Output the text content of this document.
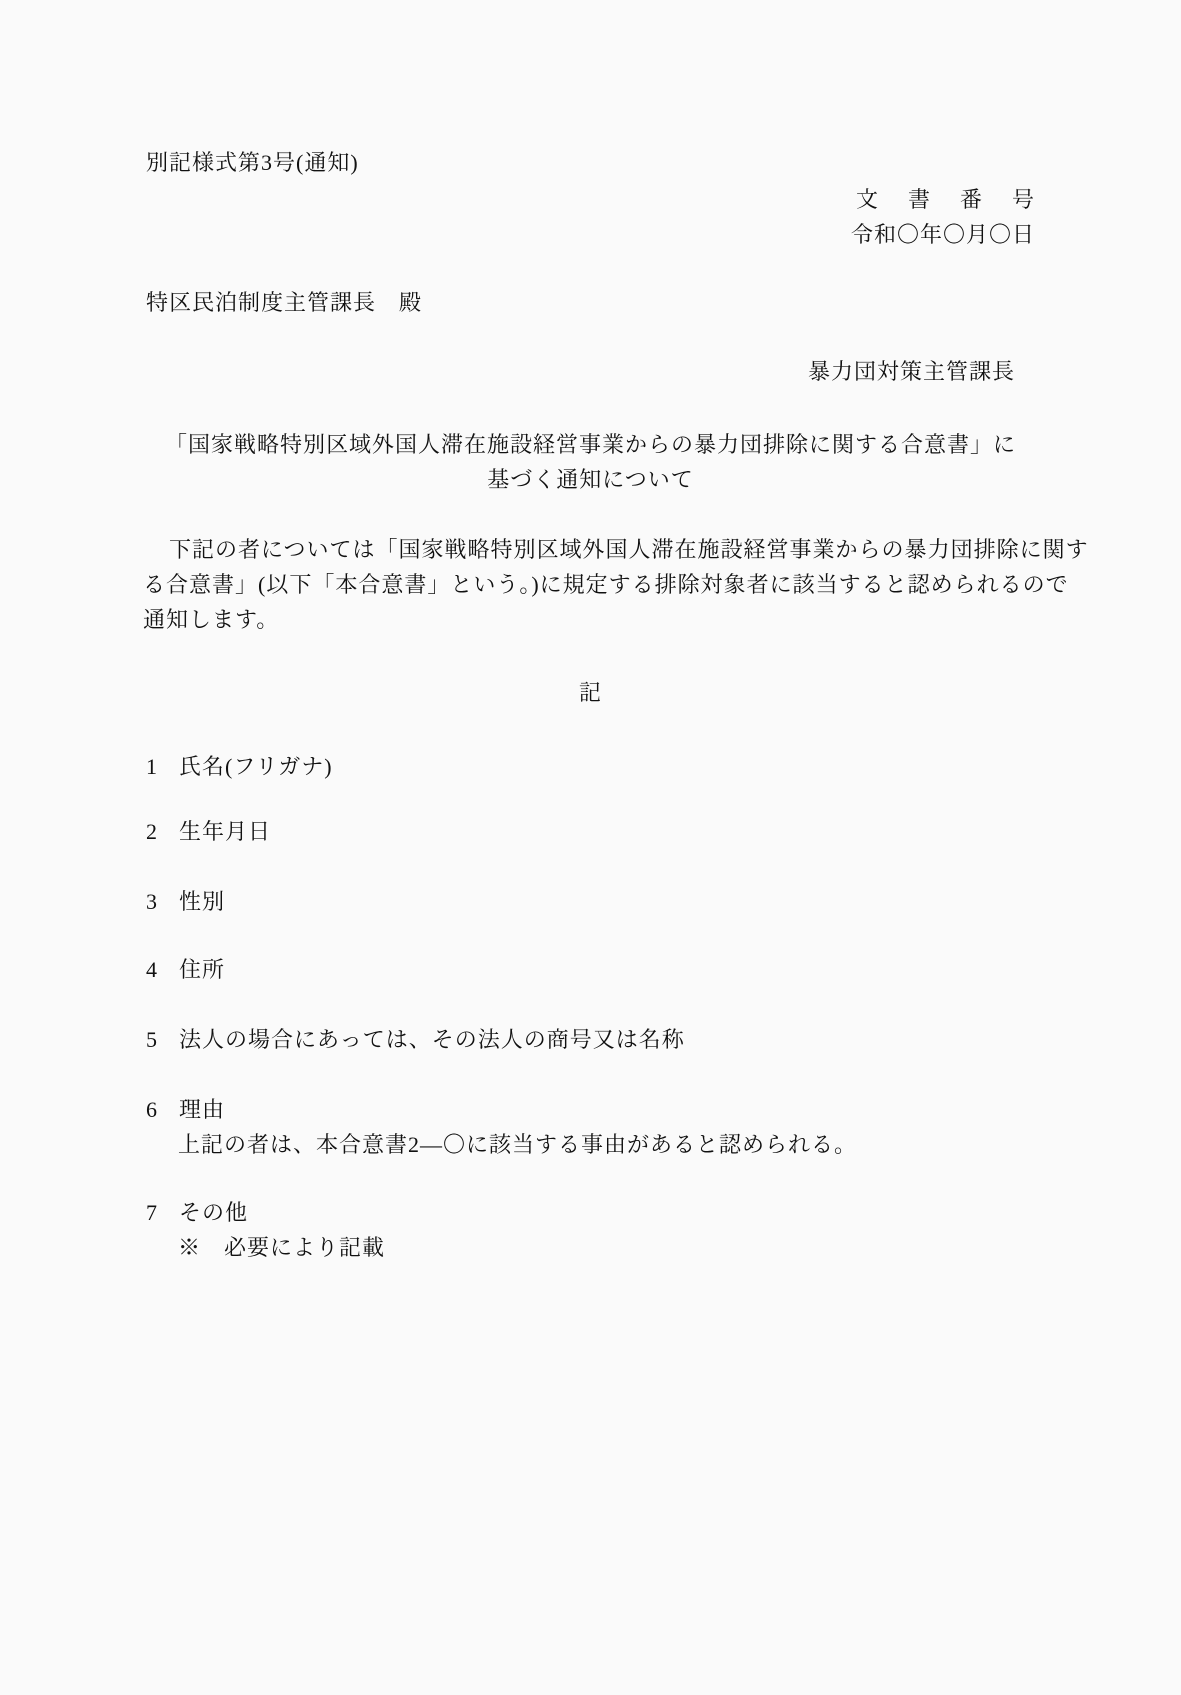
別記様式第3号(通知)
文　書　番　号
令和〇年〇月〇日
特区民泊制度主管課長　殿
暴力団対策主管課長
「国家戦略特別区域外国人滞在施設経営事業からの暴力団排除に関する合意書」に
基づく通知について
下記の者については「国家戦略特別区域外国人滞在施設経営事業からの暴力団排除に関す
る合意書」(以下「本合意書」という。)に規定する排除対象者に該当すると認められるので
通知します。
記
1 氏名(フリガナ)
2 生年月日
3 性別
4 住所
5 法人の場合にあっては、その法人の商号又は名称
6 理由
上記の者は、本合意書2―〇に該当する事由があると認められる。
7 その他
※　必要により記載
